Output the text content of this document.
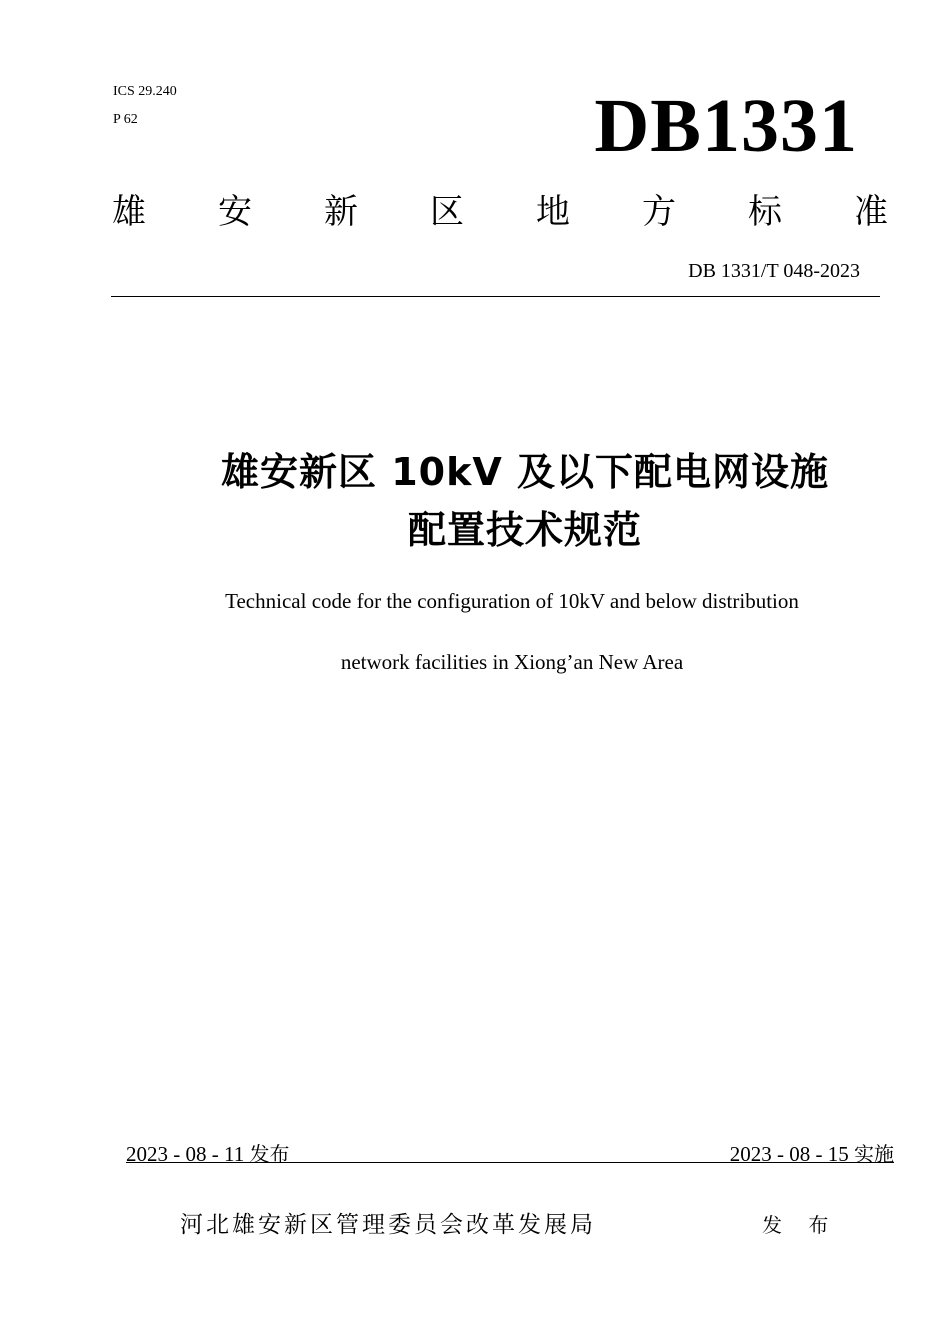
ICS 29.240
P 62	DB1331
雄 安 新 区 地 方 标 准
DB 1331/T 048-2023
雄安新区 10kV 及以下配电网设施
配置技术规范
Technical code for the configuration of 10kV and below distribution
network facilities in Xiong’an New Area
2023 - 08 - 11 发布	2023 - 08 - 15 实施
河北雄安新区管理委员会改革发展局	发 布
